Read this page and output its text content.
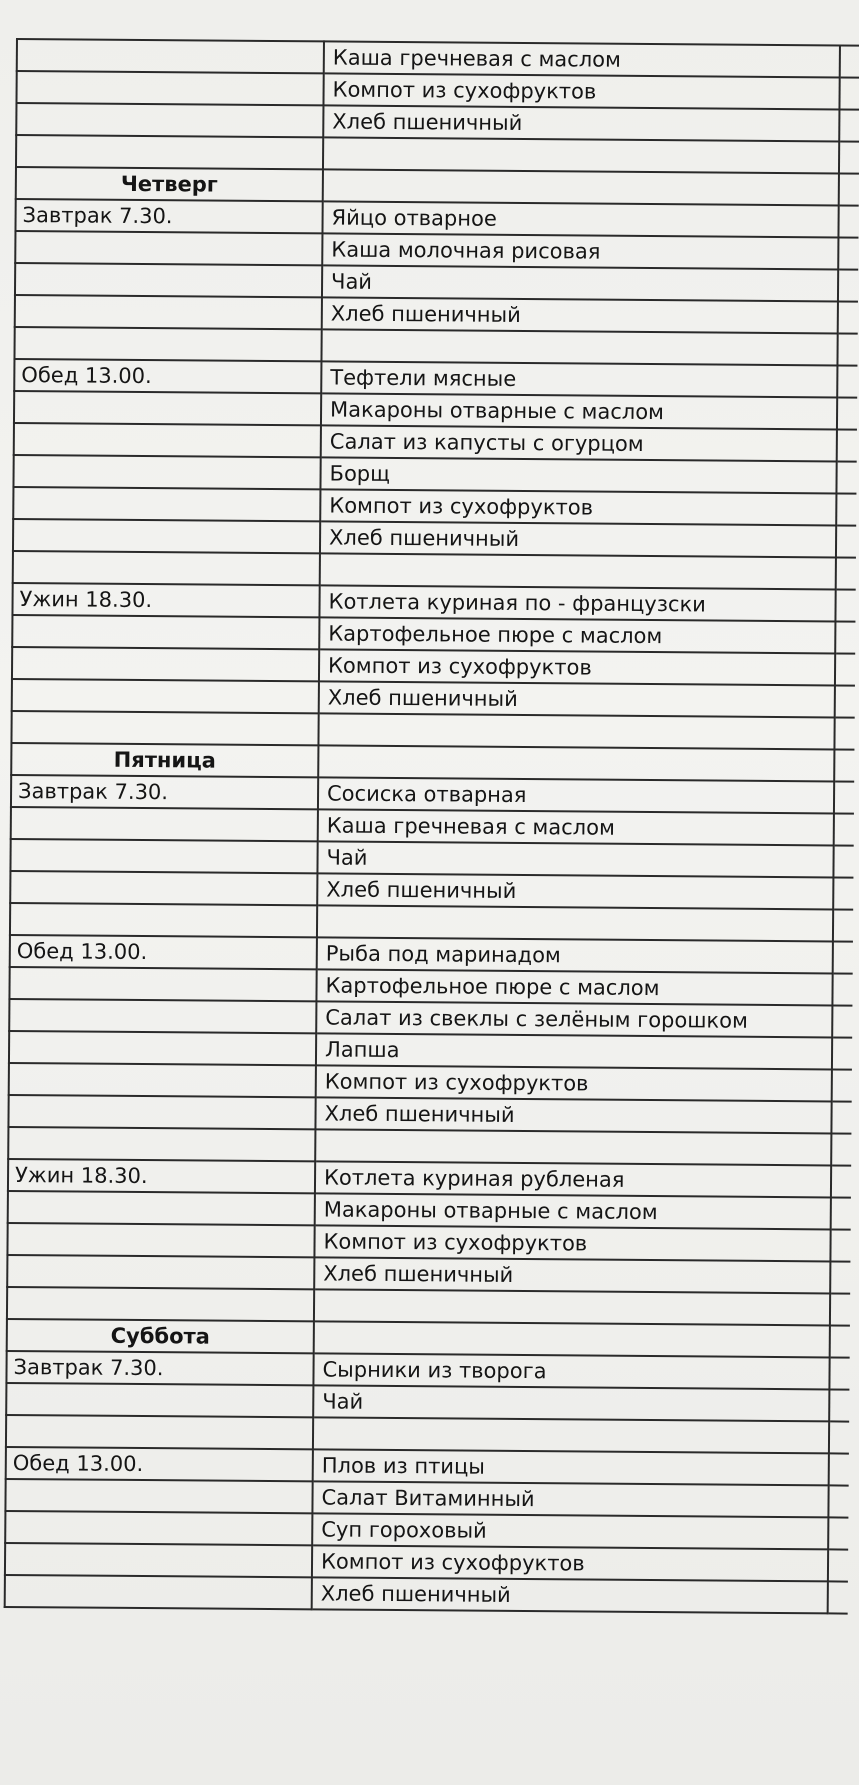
	Каша гречневая с маслом	
	Компот из сухофруктов	
	Хлеб пшеничный	

Четверг		
Завтрак 7.30.	Яйцо отварное	
	Каша молочная рисовая	
	Чай	
	Хлеб пшеничный	

Обед 13.00.	Тефтели мясные	
	Макароны отварные с маслом	
	Салат из капусты с огурцом	
	Борщ	
	Компот из сухофруктов	
	Хлеб пшеничный	

Ужин 18.30.	Котлета куриная по - французски	
	Картофельное пюре с маслом	
	Компот из сухофруктов	
	Хлеб пшеничный	

Пятница		
Завтрак 7.30.	Сосиска отварная	
	Каша гречневая с маслом	
	Чай	
	Хлеб пшеничный	

Обед 13.00.	Рыба под маринадом	
	Картофельное пюре с маслом	
	Салат из свеклы с зелёным горошком	
	Лапша	
	Компот из сухофруктов	
	Хлеб пшеничный	

Ужин 18.30.	Котлета куриная рубленая	
	Макароны отварные с маслом	
	Компот из сухофруктов	
	Хлеб пшеничный	

Суббота		
Завтрак 7.30.	Сырники из творога	
	Чай	

Обед 13.00.	Плов из птицы	
	Салат Витаминный	
	Суп гороховый	
	Компот из сухофруктов	
	Хлеб пшеничный	
